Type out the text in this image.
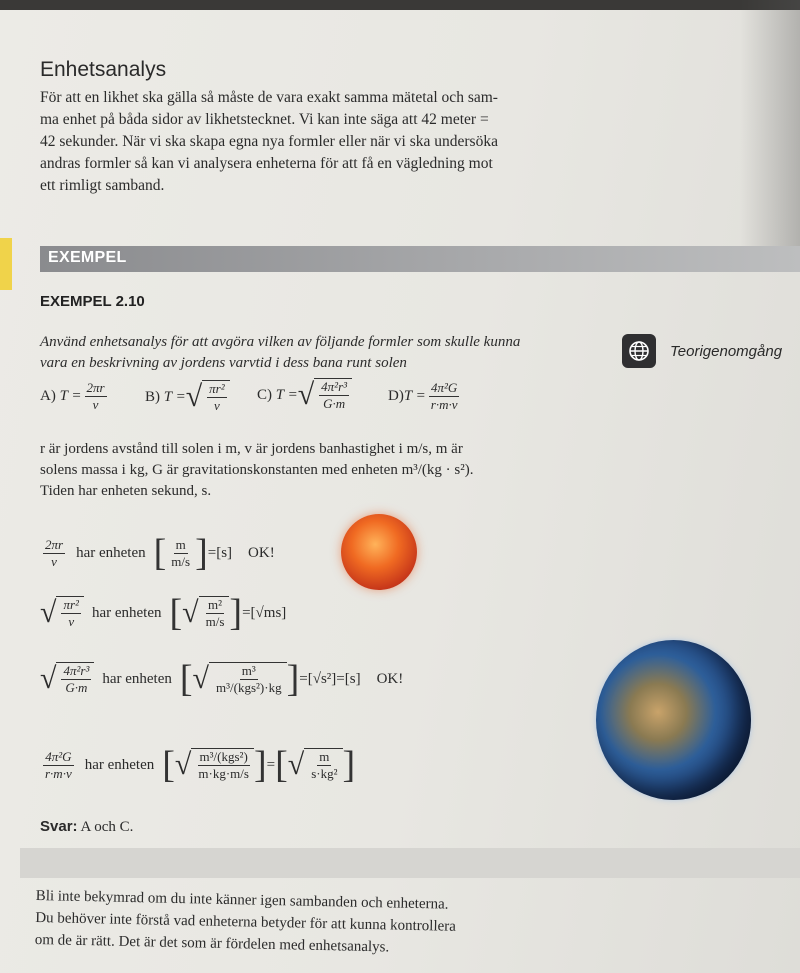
Enhetsanalys

För att en likhet ska gälla så måste de vara exakt samma mätetal och sam-
ma enhet på båda sidor av likhetstecknet. Vi kan inte säga att 42 meter =
42 sekunder. När vi ska skapa egna nya formler eller när vi ska undersöka
andras formler så kan vi analysera enheterna för att få en vägledning mot
ett rimligt samband.

EXEMPEL
EXEMPEL 2.10
Använd enhetsanalys för att avgöra vilken av följande formler som skulle kunna
vara en beskrivning av jordens varvtid i dess bana runt solen
Teorigenomgång
A)
$T = \frac{2\pi r}{v}$	B)
T = √ $\frac{\text{πr²}}{v} C$)
T = √ $\frac{\text{4π²r³}}{G\cdot m}$	D) $T = \frac{\text{4π²G}}{r\cdot m\cdot v}$
r är jordens avstånd till solen i m, v är jordens banhastighet i m/s, m är
solens massa i kg, G är gravitationskonstanten med enheten m³/(kg · s²).
Tiden har enheten sekund, s.
$\frac{2\pi r}{v}$ har enheten [ $\frac{m}{m/s}$ ] = [s] OK!
√ $\frac{\text{πr²}}{v}$ har enheten [ √ $\frac{\text{m²}}{m/s}$ ] = [√ms]
√ $\frac{\text{4π²r³}}{G\cdot m}$ har enheten [ √ $\frac{\text{m³}}{\text{m³/(kgs²)·kg}}$ ] = [√s²] = [s] OK!
$\frac{\text{4π²G}}{r\cdot m\cdot v}$ har enheten [ √ $\frac{\text{m³/(kgs²)}}{m\cdot kg\cdot m/s}$ ] = [ √ $\frac{m}{\text{s·kg²}}$ ]
Svar: A och C.
Bli inte bekymrad om du inte känner igen sambanden och enheterna.
Du behöver inte förstå vad enheterna betyder för att kunna kontrollera
om de är rätt. Det är det som är fördelen med enhetsanalys.
